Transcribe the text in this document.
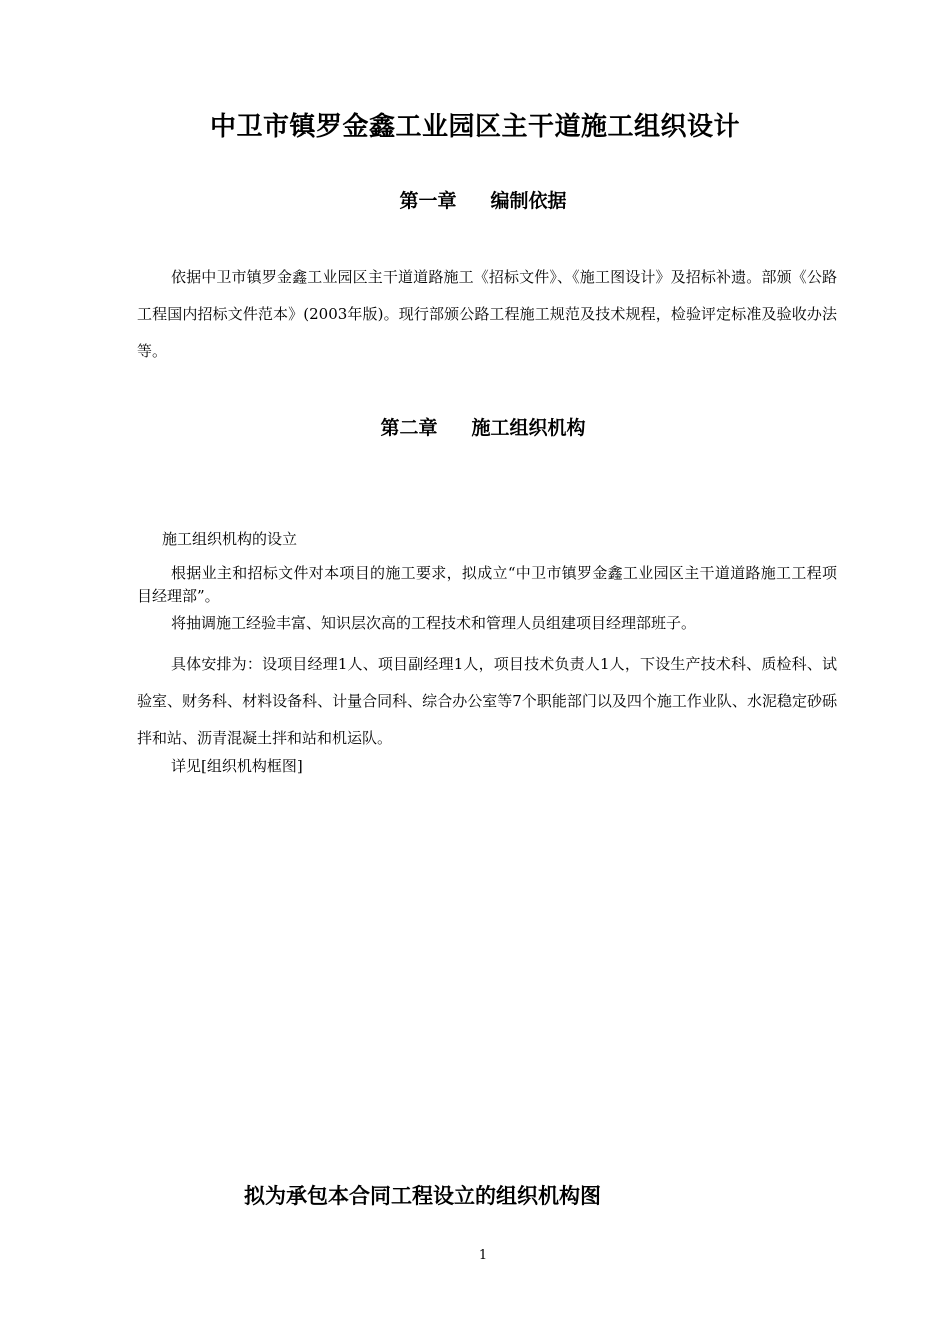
中卫市镇罗金鑫工业园区主干道施工组织设计
第一章 编制依据
依据中卫市镇罗金鑫工业园区主干道道路施工《招标文件》、《施工图设计》及招标补遗。部颁《公路工程国内招标文件范本》(2003年版)。现行部颁公路工程施工规范及技术规程，检验评定标准及验收办法等。
第二章 施工组织机构
施工组织机构的设立
根据业主和招标文件对本项目的施工要求，拟成立“中卫市镇罗金鑫工业园区主干道道路施工工程项目经理部”。
将抽调施工经验丰富、知识层次高的工程技术和管理人员组建项目经理部班子。
具体安排为：设项目经理1人、项目副经理1人，项目技术负责人1人，下设生产技术科、质检科、试验室、财务科、材料设备科、计量合同科、综合办公室等7个职能部门以及四个施工作业队、水泥稳定砂砾拌和站、沥青混凝土拌和站和机运队。
详见[组织机构框图]
拟为承包本合同工程设立的组织机构图
1
